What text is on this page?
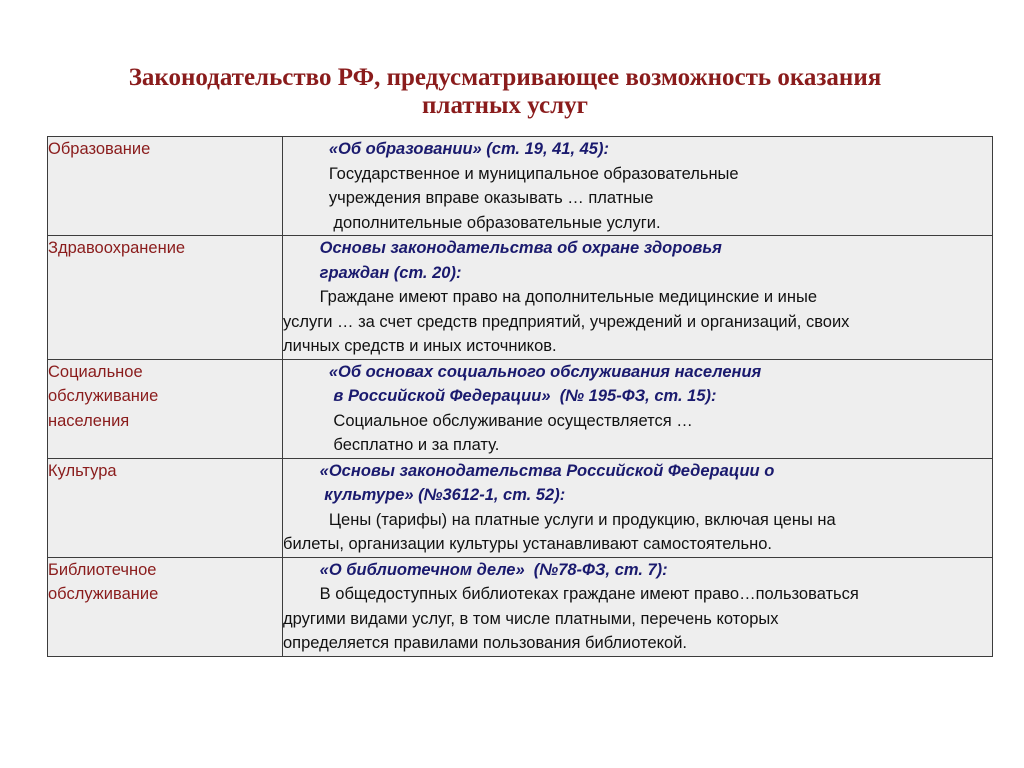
Законодательство РФ, предусматривающее возможность оказания
платных услуг
Образование	«Об образовании» (ст. 19, 41, 45):
Государственное и муниципальное образовательные
учреждения вправе оказывать … платные
дополнительные образовательные услуги.

Здравоохранение	Основы законодательства об охране здоровья
граждан (ст. 20):
Граждане имеют право на дополнительные медицинские и иные
услуги … за счет средств предприятий, учреждений и организаций, своих
личных средств и иных источников.

Социальное
обслуживание
населения	«Об основах социального обслуживания населения
в Российской Федерации»  (№ 195-ФЗ, ст. 15):
Социальное обслуживание осуществляется …
бесплатно и за плату.

Культура	«Основы законодательства Российской Федерации о
культуре» (№3612-1, ст. 52):
Цены (тарифы) на платные услуги и продукцию, включая цены на
билеты, организации культуры устанавливают самостоятельно.

Библиотечное
обслуживание	«О библиотечном деле»  (№78-ФЗ, ст. 7):
В общедоступных библиотеках граждане имеют право…пользоваться
другими видами услуг, в том числе платными, перечень которых
определяется правилами пользования библиотекой.
